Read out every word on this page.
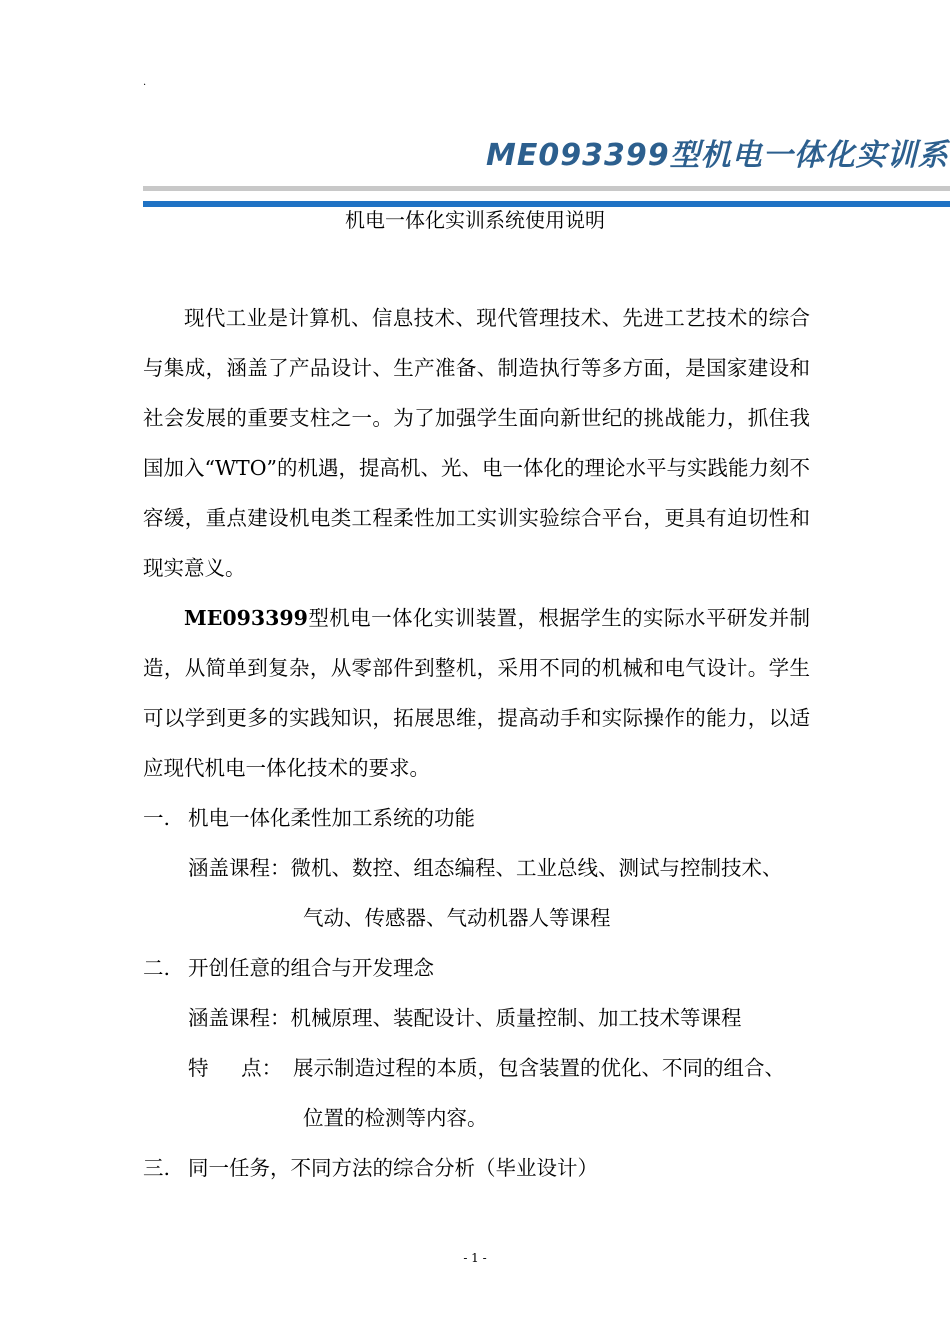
.
ME093399型机电一体化实训系
机电一体化实训系统使用说明

现代工业是计算机、信息技术、现代管理技术、先进工艺技术的综合与集成，涵盖了产品设计、生产准备、制造执行等多方面，是国家建设和社会发展的重要支柱之一。为了加强学生面向新世纪的挑战能力，抓住我国加入“WTO”的机遇，提高机、光、电一体化的理论水平与实践能力刻不容缓，重点建设机电类工程柔性加工实训实验综合平台，更具有迫切性和现实意义。

ME093399型机电一体化实训装置，根据学生的实际水平研发并制造，从简单到复杂，从零部件到整机，采用不同的机械和电气设计。学生可以学到更多的实践知识，拓展思维，提高动手和实际操作的能力，以适应现代机电一体化技术的要求。

一. 机电一体化柔性加工系统的功能
涵盖课程：微机、数控、组态编程、工业总线、测试与控制技术、
气动、传感器、气动机器人等课程
二. 开创任意的组合与开发理念
涵盖课程：机械原理、装配设计、质量控制、加工技术等课程
特     点： 展示制造过程的本质，包含装置的优化、不同的组合、
位置的检测等内容。
三. 同一任务，不同方法的综合分析（毕业设计）
- 1 -
